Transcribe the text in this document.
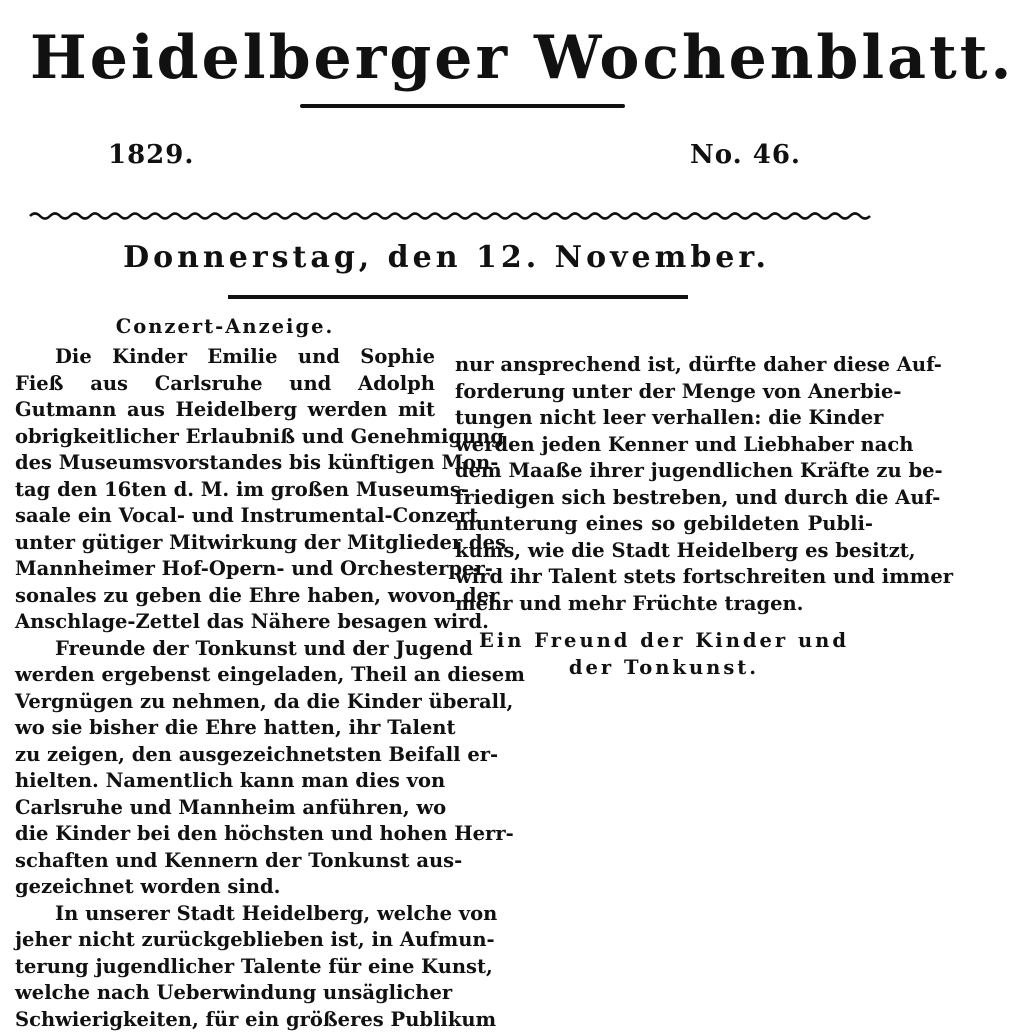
Heidelberger Wochenblatt.
1829.	No. 46.
Donnerstag, den 12. November.
Conzert-Anzeige.
Die Kinder Emilie und Sophie
Fieß aus Carlsruhe und Adolph
Gutmann aus Heidelberg werden mit
obrigkeitlicher Erlaubniß und Genehmigung
des Museumsvorstandes bis künftigen Mon-
tag den 16ten d. M. im großen Museums-
saale ein Vocal- und Instrumental-Conzert
unter gütiger Mitwirkung der Mitglieder des
Mannheimer Hof-Opern- und Orchesterper-
sonales zu geben die Ehre haben, wovon der
Anschlage-Zettel das Nähere besagen wird.
Freunde der Tonkunst und der Jugend
werden ergebenst eingeladen, Theil an diesem
Vergnügen zu nehmen, da die Kinder überall,
wo sie bisher die Ehre hatten, ihr Talent
zu zeigen, den ausgezeichnetsten Beifall er-
hielten. Namentlich kann man dies von
Carlsruhe und Mannheim anführen, wo
die Kinder bei den höchsten und hohen Herr-
schaften und Kennern der Tonkunst aus-
gezeichnet worden sind.
In unserer Stadt Heidelberg, welche von
jeher nicht zurückgeblieben ist, in Aufmun-
terung jugendlicher Talente für eine Kunst,
welche nach Ueberwindung unsäglicher
Schwierigkeiten, für ein größeres Publikum
nur ansprechend ist, dürfte daher diese Auf-
forderung unter der Menge von Anerbie-
tungen nicht leer verhallen: die Kinder
werden jeden Kenner und Liebhaber nach
dem Maaße ihrer jugendlichen Kräfte zu be-
friedigen sich bestreben, und durch die Auf-
munterung eines so gebildeten Publi-
kums, wie die Stadt Heidelberg es besitzt,
wird ihr Talent stets fortschreiten und immer
mehr und mehr Früchte tragen.
Ein Freund der Kinder und
der Tonkunst.
